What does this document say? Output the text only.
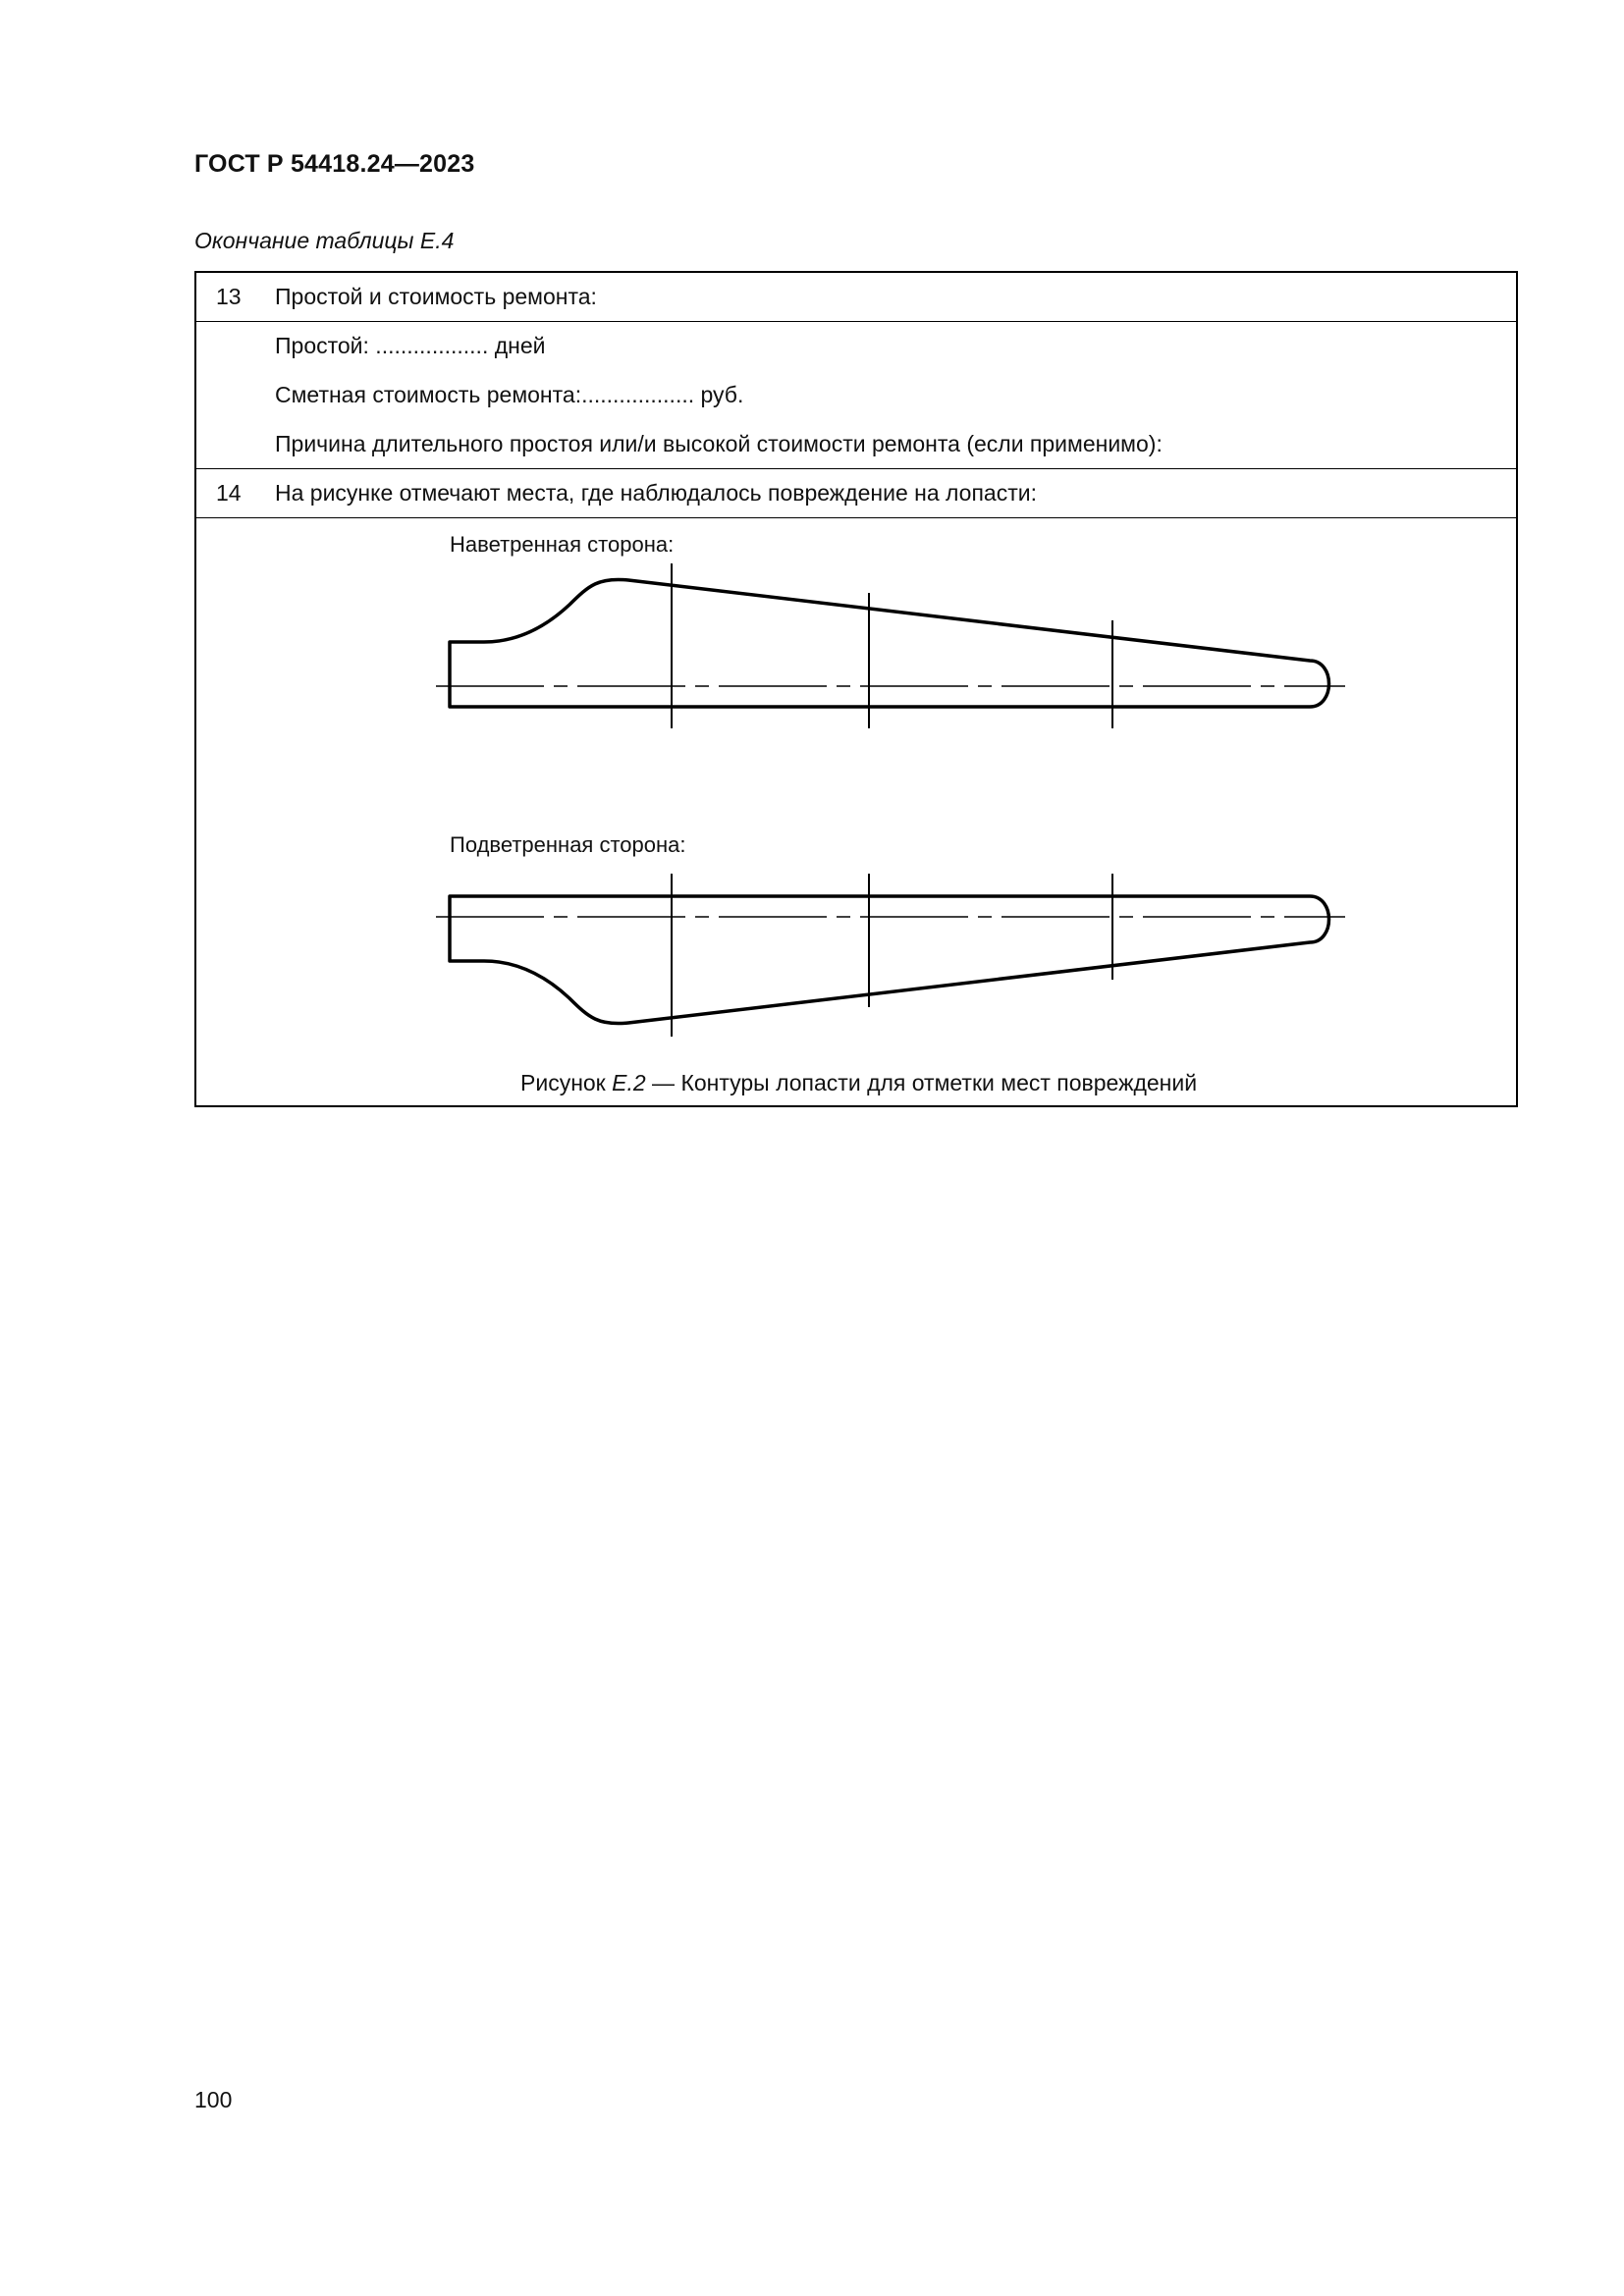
ГОСТ Р 54418.24—2023
Окончание таблицы Е.4
13 Простой и стоимость ремонта:
Простой: .................. дней
Сметная стоимость ремонта:.................. руб.
Причина длительного простоя или/и высокой стоимости ремонта (если применимо):
14 На рисунке отмечают места, где наблюдалось повреждение на лопасти:
Наветренная сторона:
Подветренная сторона:
Рисунок Е.2 — Контуры лопасти для отметки мест повреждений
100
